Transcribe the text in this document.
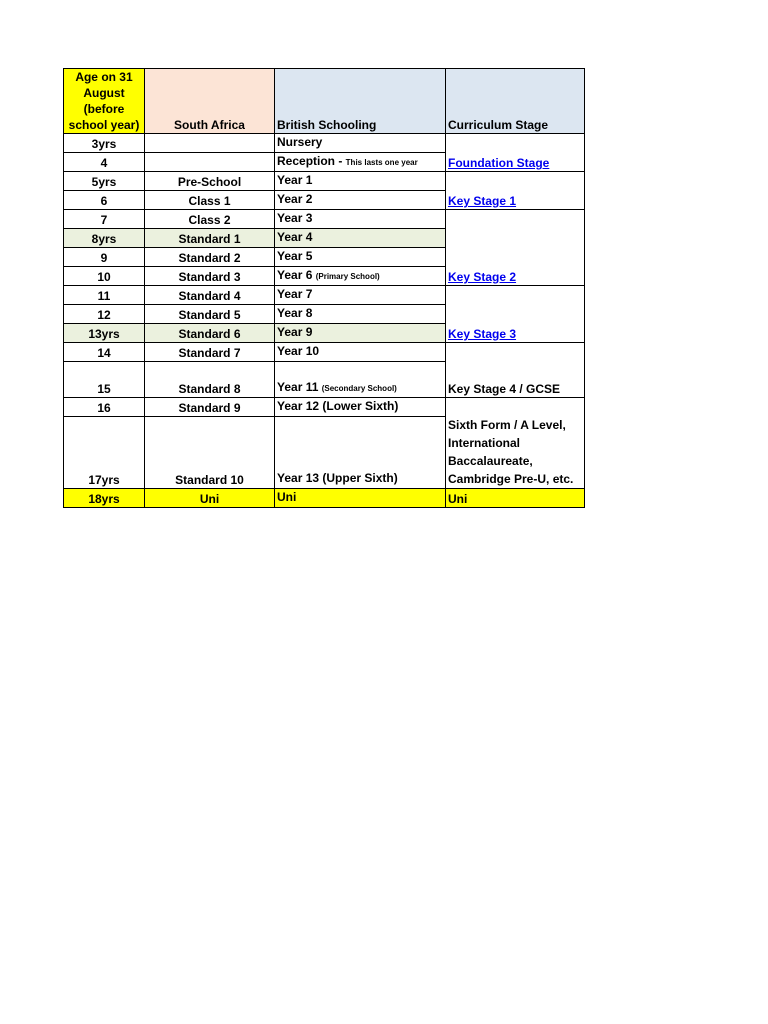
Age on 31 August (before school year)	South Africa	British Schooling	Curriculum Stage
3yrs		Nursery	Foundation Stage
4		Reception - This lasts one year	
5yrs	Pre-School	Year 1	Key Stage 1
6	Class 1	Year 2	
7	Class 2	Year 3	Key Stage 2
8yrs	Standard 1	Year 4	
9	Standard 2	Year 5	
10	Standard 3	Year 6 (Primary School)	
11	Standard 4	Year 7	Key Stage 3
12	Standard 5	Year 8	
13yrs	Standard 6	Year 9	
14	Standard 7	Year 10	Key Stage 4 / GCSE
15	Standard 8	Year 11 (Secondary School)	
16	Standard 9	Year 12 (Lower Sixth)	Sixth Form / A Level, International Baccalaureate, Cambridge Pre-U, etc.
17yrs	Standard 10	Year 13 (Upper Sixth)	
18yrs	Uni	Uni	Uni
